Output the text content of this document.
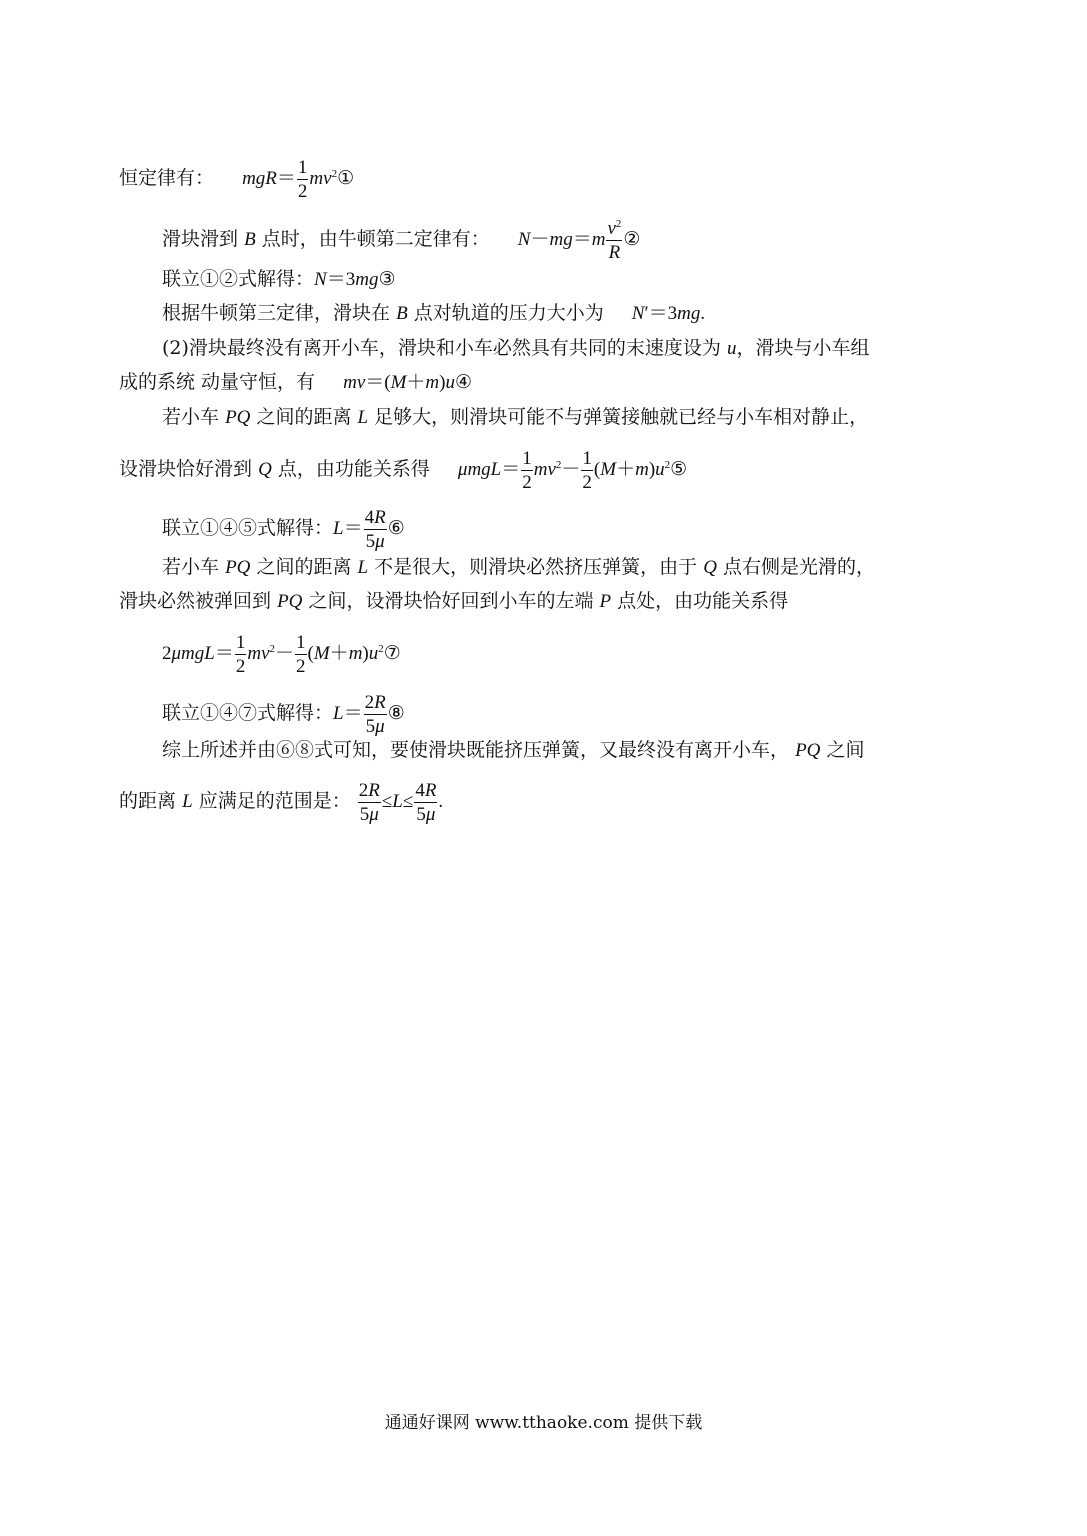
恒定律有： $mgR= \frac{1}{2}$ $mv^2①$
滑块滑到 B 点时，由牛顿第二定律有： $N-mg=m \frac{v^2}{R}$ ②
联立①②式解得：N＝3mg③
根据牛顿第三定律，滑块在 B 点对轨道的压力大小为 N′＝3mg.
(2)滑块最终没有离开小车，滑块和小车必然具有共同的末速度设为 u，滑块与小车组
成的系统 动量守恒，有 mv＝(M＋m)u④
若小车 PQ 之间的距离 L 足够大，则滑块可能不与弹簧接触就已经与小车相对静止，
设滑块恰好滑到 Q 点，由功能关系得 $\mu mgL= \frac{1}{2} mv^2- \frac{1}{2}$ $(M+m)u^2⑤$
联立①④⑤式解得：$L= \frac{4R}{5\mu}$ ⑥
若小车 PQ 之间的距离 L 不是很大，则滑块必然挤压弹簧，由于 Q 点右侧是光滑的，
滑块必然被弹回到 PQ 之间，设滑块恰好回到小车的左端 P 点处，由功能关系得
$2\mu mgL= \frac{1}{2} mv^2- \frac{1}{2}$ $(M+m)u^2⑦$
联立①④⑦式解得：$L= \frac{2R}{5\mu}$ ⑧
综上所述并由⑥⑧式可知，要使滑块既能挤压弹簧，又最终没有离开小车， PQ 之间
的距离 L 应满足的范围是： $\frac{2R}{5\mu} \le L\le \frac{4R}{5\mu}$ .
通通好课网 www.tthaoke.com 提供下载
